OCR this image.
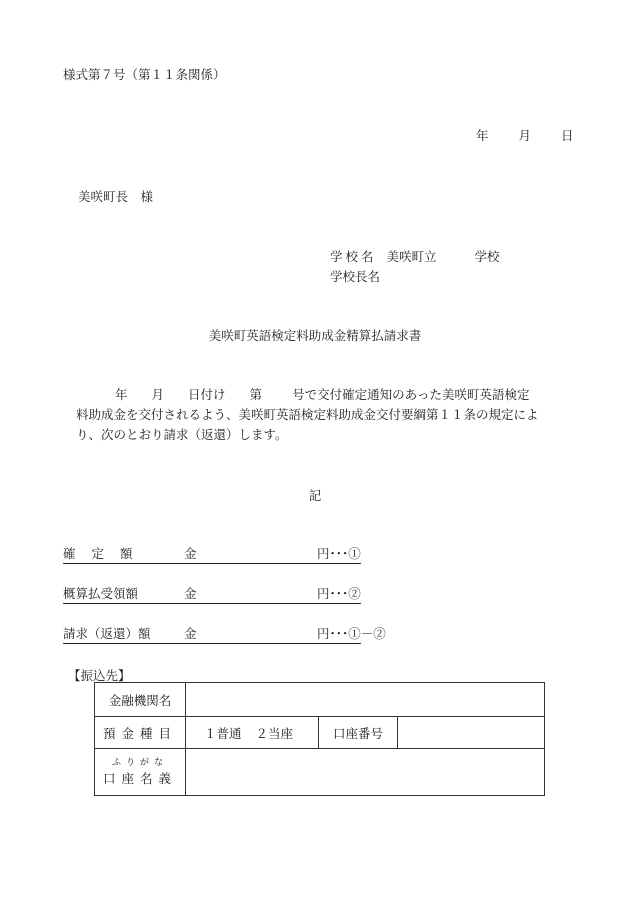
様式第７号（第１１条関係）
年 月 日
美咲町長　様
学校名 美咲町立	学校
学校長名
美咲町英語検定料助成金精算払請求書
年 月 日付け 第 号で交付確定通知のあった美咲町英語検定
料助成金を交付されるよう、美咲町英語検定料助成金交付要綱第１１条の規定によ
り、次のとおり請求（返還）します。
記
確定額	金	円･･･①
概算払受領額	金	円･･･②
請求（返還）額	金	円･･･①－②
【振込先】
金融機関名			
預金種目	１普通 ２当座	口座番号	

ふりがな
口座名義			
